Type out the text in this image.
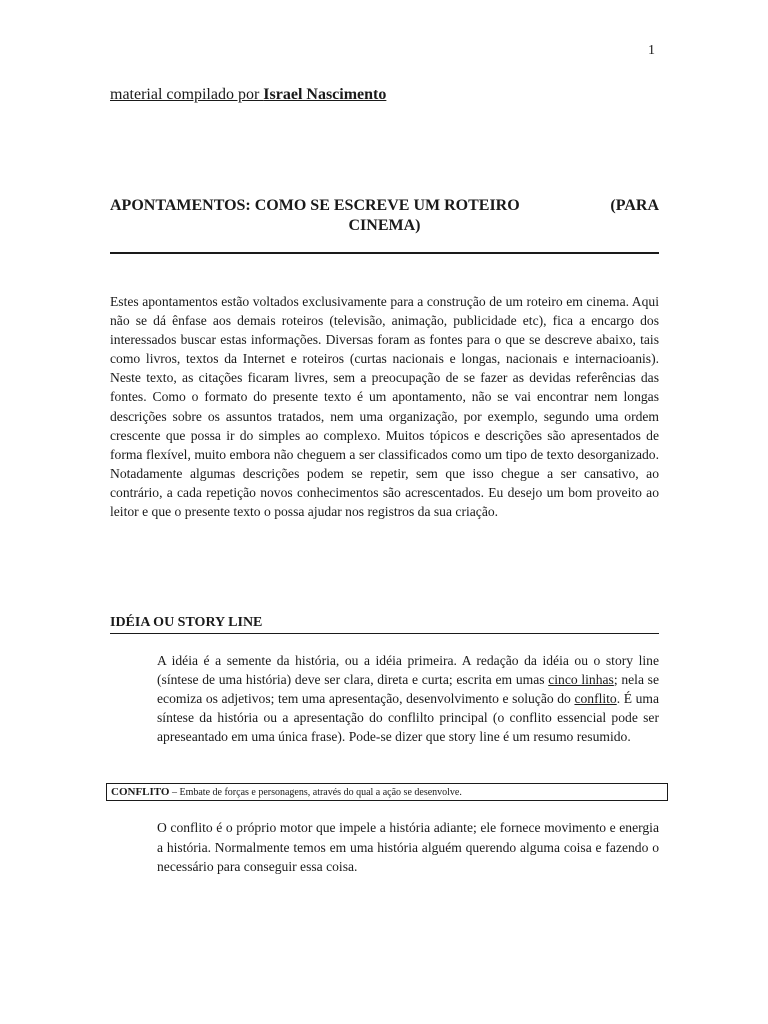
1
material compilado por Israel Nascimento
APONTAMENTOS: COMO SE ESCREVE UM ROTEIRO	(PARA
CINEMA)
Estes apontamentos estão voltados exclusivamente para a construção de um roteiro em cinema. Aqui não se dá ênfase aos demais roteiros (televisão, animação, publicidade etc), fica a encargo dos interessados buscar estas informações. Diversas foram as fontes para o que se descreve abaixo, tais como livros, textos da Internet e roteiros (curtas nacionais e longas, nacionais e internacioanis). Neste texto, as citações ficaram livres, sem a preocupação de se fazer as devidas referências das fontes. Como o formato do presente texto é um apontamento, não se vai encontrar nem longas descrições sobre os assuntos tratados, nem uma organização, por exemplo, segundo uma ordem crescente que possa ir do simples ao complexo. Muitos tópicos e descrições são apresentados de forma flexível, muito embora não cheguem a ser classificados como um tipo de texto desorganizado. Notadamente algumas descrições podem se repetir, sem que isso chegue a ser cansativo, ao contrário, a cada repetição novos conhecimentos são acrescentados. Eu desejo um bom proveito ao leitor e que o presente texto o possa ajudar nos registros da sua criação.
IDÉIA OU STORY LINE
A idéia é a semente da história, ou a idéia primeira. A redação da idéia ou o story line (síntese de uma história) deve ser clara, direta e curta; escrita em umas cinco linhas; nela se ecomiza os adjetivos; tem uma apresentação, desenvolvimento e solução do conflito. É uma síntese da história ou a apresentação do conflilto principal (o conflito essencial pode ser apreseantado em uma única frase). Pode-se dizer que story line é um resumo resumido.
CONFLITO – Embate de forças e personagens, através do qual a ação se desenvolve.
O conflito é o próprio motor que impele a história adiante; ele fornece movimento e energia a história. Normalmente temos em uma história alguém querendo alguma coisa e fazendo o necessário para conseguir essa coisa.
